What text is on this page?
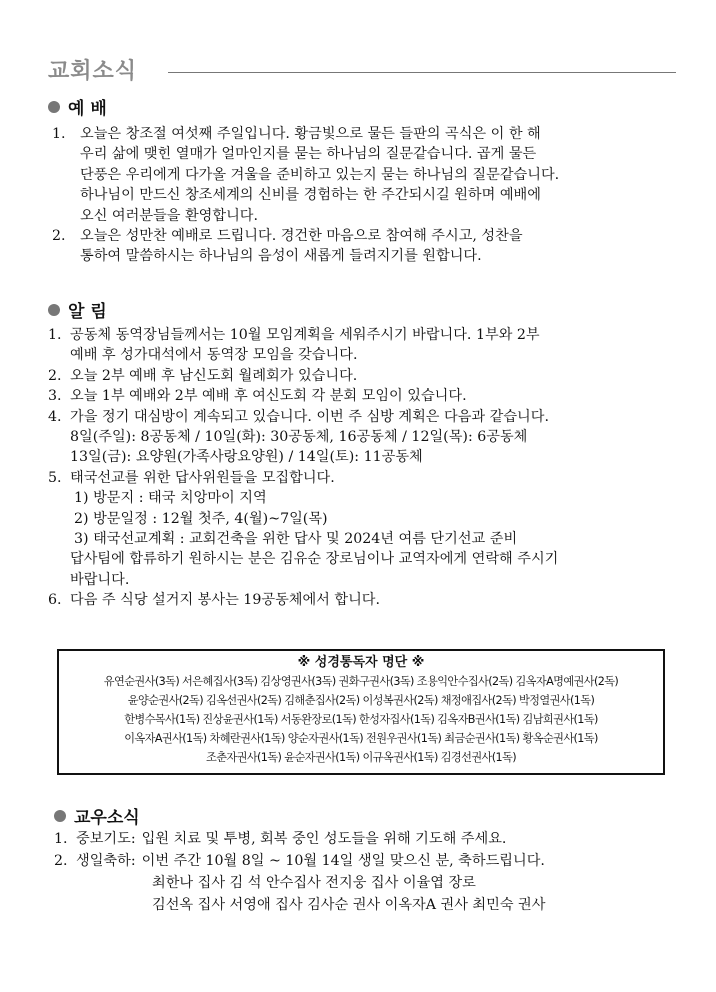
교회소식
예 배
1.	오늘은 창조절 여섯째 주일입니다. 황금빛으로 물든 들판의 곡식은 이 한 해
우리 삶에 맺힌 열매가 얼마인지를 묻는 하나님의 질문같습니다. 곱게 물든
단풍은 우리에게 다가올 겨울을 준비하고 있는지 묻는 하나님의 질문같습니다.
하나님이 만드신 창조세계의 신비를 경험하는 한 주간되시길 원하며 예배에
오신 여러분들을 환영합니다.
2.	오늘은 성만찬 예배로 드립니다. 경건한 마음으로 참여해 주시고, 성찬을
통하여 말씀하시는 하나님의 음성이 새롭게 들려지기를 원합니다.
알 림
1. 공동체 동역장님들께서는 10월 모임계획을 세워주시기 바랍니다. 1부와 2부
예배 후 성가대석에서 동역장 모임을 갖습니다.
2. 오늘 2부 예배 후 남신도회 월례회가 있습니다.
3. 오늘 1부 예배와 2부 예배 후 여신도회 각 분회 모임이 있습니다.
4. 가을 정기 대심방이 계속되고 있습니다. 이번 주 심방 계획은 다음과 같습니다.
8일(주일): 8공동체 / 10일(화): 30공동체, 16공동체 / 12일(목): 6공동체
13일(금): 요양원(가족사랑요양원) / 14일(토): 11공동체
5. 태국선교를 위한 답사위원들을 모집합니다.
1) 방문지 : 태국 치앙마이 지역
2) 방문일정 : 12월 첫주, 4(월)~7일(목)
3) 태국선교계획 : 교회건축을 위한 답사 및 2024년 여름 단기선교 준비
답사팀에 합류하기 원하시는 분은 김유순 장로님이나 교역자에게 연락해 주시기
바랍니다.
6. 다음 주 식당 설거지 봉사는 19공동체에서 합니다.
※ 성경통독자 명단 ※
유연순권사(3독) 서은혜집사(3독) 김상영권사(3독) 권화구권사(3독) 조용익안수집사(2독) 김옥자A명예권사(2독)
윤양순권사(2독) 김옥선권사(2독) 김해춘집사(2독) 이성복권사(2독) 채정애집사(2독) 박정열권사(1독)
한병수목사(1독) 진상윤권사(1독) 서동완장로(1독) 한성자집사(1독) 김옥자B권사(1독) 김남희권사(1독)
이옥자A권사(1독) 차혜란권사(1독) 양순자권사(1독) 전원우권사(1독) 최금순권사(1독) 황옥순권사(1독)
조춘자권사(1독) 윤순자권사(1독) 이규옥권사(1독) 김경선권사(1독)
교우소식
1. 중보기도: 입원 치료 및 투병, 회복 중인 성도들을 위해 기도해 주세요.
2. 생일축하: 이번 주간 10월 8일 ~ 10월 14일 생일 맞으신 분, 축하드립니다.
최한나 집사 김 석 안수집사 전지웅 집사 이율엽 장로
김선옥 집사 서영애 집사 김사순 권사 이옥자A 권사 최민숙 권사
